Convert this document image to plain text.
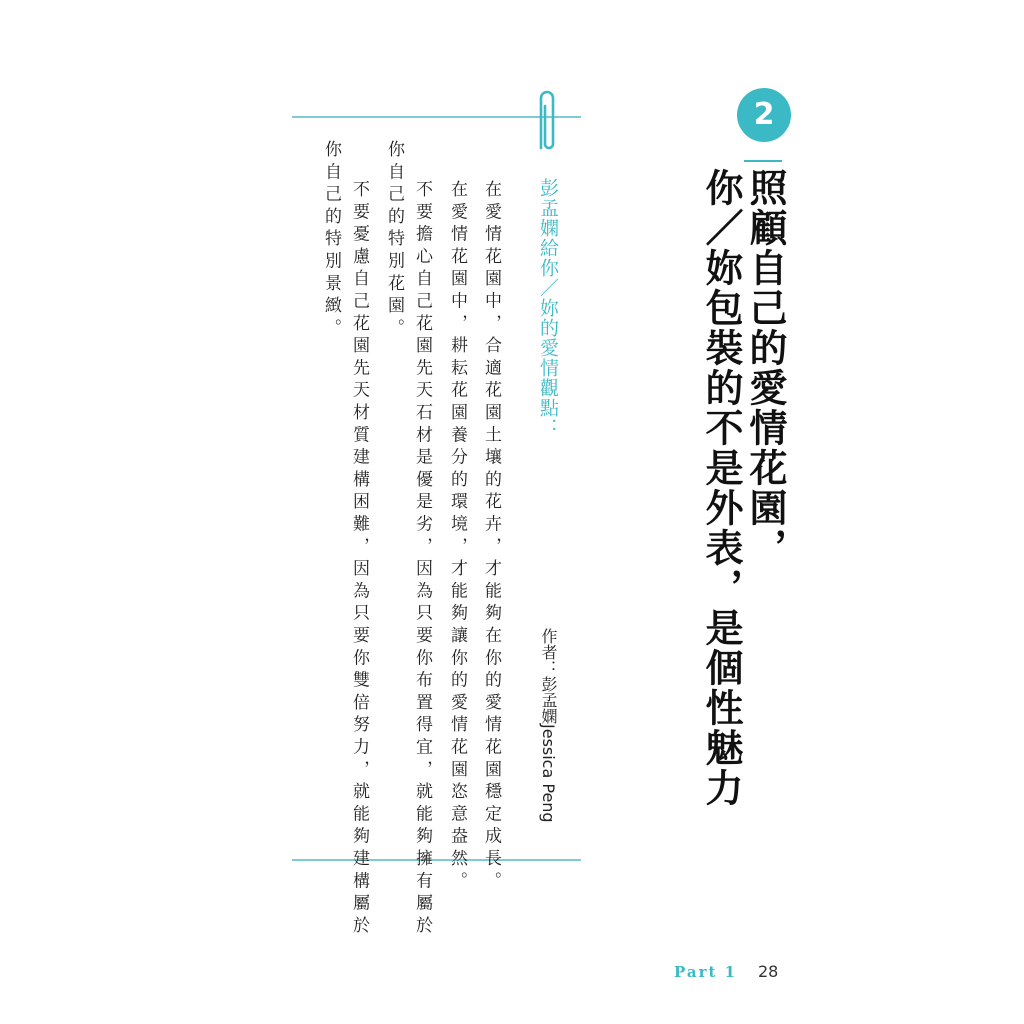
2
照顧自己的愛情花園，
你／妳包裝的不是外表，是個性魅力
彭孟嫻給你／妳的愛情觀點：
作者：彭孟嫻Jessica Peng
在愛情花園中，合適花園土壤的花卉，才能夠在你的愛情花園穩定成長。
在愛情花園中，耕耘花園養分的環境，才能夠讓你的愛情花園恣意盎然。
不要擔心自己花園先天石材是優是劣，因為只要你布置得宜，就能夠擁有屬於
你自己的特別花園。
不要憂慮自己花園先天材質建構困難，因為只要你雙倍努力，就能夠建構屬於
你自己的特別景緻。
Part 1 28
